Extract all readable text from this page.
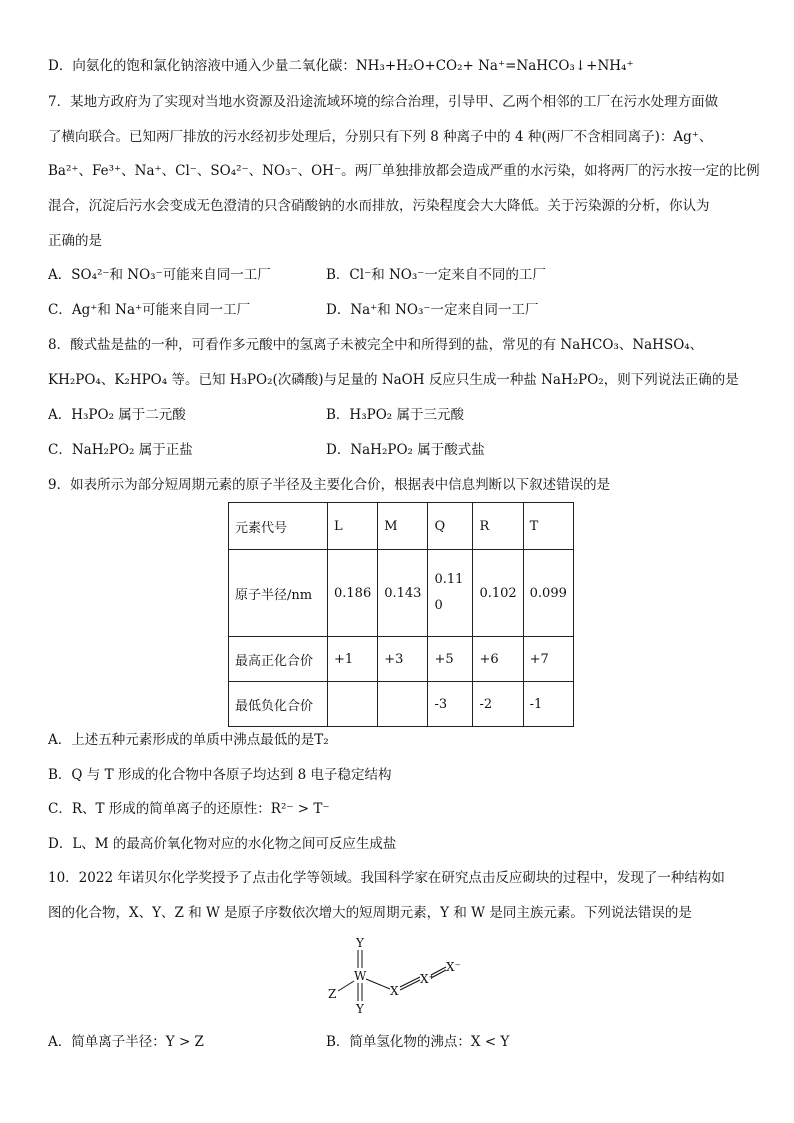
D．向氨化的饱和氯化钠溶液中通入少量二氧化碳：NH₃+H₂O+CO₂+ Na⁺=NaHCO₃↓+NH₄⁺
7．某地方政府为了实现对当地水资源及沿途流域环境的综合治理，引导甲、乙两个相邻的工厂在污水处理方面做
了横向联合。已知两厂排放的污水经初步处理后，分别只有下列 8 种离子中的 4 种(两厂不含相同离子)：Ag⁺、
Ba²⁺、Fe³⁺、Na⁺、Cl⁻、SO₄²⁻、NO₃⁻、OH⁻。两厂单独排放都会造成严重的水污染，如将两厂的污水按一定的比例
混合，沉淀后污水会变成无色澄清的只含硝酸钠的水而排放，污染程度会大大降低。关于污染源的分析，你认为
正确的是
A．SO₄²⁻和 NO₃⁻可能来自同一工厂	B．Cl⁻和 NO₃⁻一定来自不同的工厂
C．Ag⁺和 Na⁺可能来自同一工厂	D．Na⁺和 NO₃⁻一定来自同一工厂
8．酸式盐是盐的一种，可看作多元酸中的氢离子未被完全中和所得到的盐，常见的有 NaHCO₃、NaHSO₄、
KH₂PO₄、K₂HPO₄ 等。已知 H₃PO₂(次磷酸)与足量的 NaOH 反应只生成一种盐 NaH₂PO₂，则下列说法正确的是
A．H₃PO₂ 属于二元酸	B．H₃PO₂ 属于三元酸
C．NaH₂PO₂ 属于正盐	D．NaH₂PO₂ 属于酸式盐
9．如表所示为部分短周期元素的原子半径及主要化合价，根据表中信息判断以下叙述错误的是
元素代号	L	M	Q	R	T
原子半径/nm	0.186	0.143	0.110	0.102	0.099
最高正化合价	+1	+3	+5	+6	+7
最低负化合价			-3	-2	-1
A．上述五种元素形成的单质中沸点最低的是T₂
B．Q 与 T 形成的化合物中各原子均达到 8 电子稳定结构
C．R、T 形成的简单离子的还原性：R²⁻ > T⁻
D．L、M 的最高价氧化物对应的水化物之间可反应生成盐
10．2022 年诺贝尔化学奖授予了点击化学等领域。我国科学家在研究点击反应砌块的过程中，发现了一种结构如
图的化合物，X、Y、Z 和 W 是原子序数依次增大的短周期元素，Y 和 W 是同主族元素。下列说法错误的是
Y
W
Z
Y
X
X⁺
X⁻
A．简单离子半径：Y > Z	B．简单氢化物的沸点：X < Y
